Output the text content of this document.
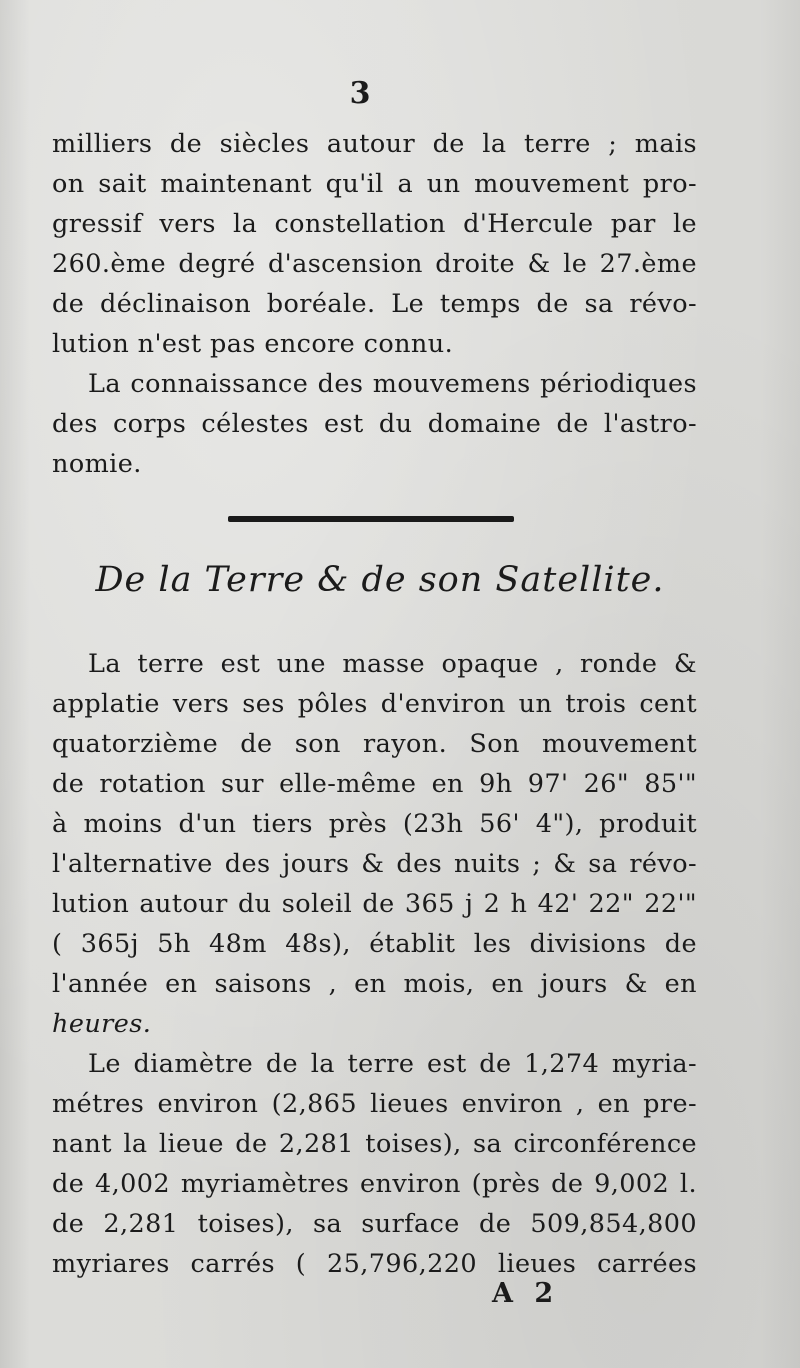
3
milliers de siècles autour de la terre ; mais
on sait maintenant qu'il a un mouvement pro-
gressif vers la constellation d'Hercule par le
260.ème degré d'ascension droite & le 27.ème
de déclinaison boréale. Le temps de sa révo-
lution n'est pas encore connu.
La connaissance des mouvemens périodiques
des corps célestes est du domaine de l'astro-
nomie.
De la Terre & de son Satellite.
La terre est une masse opaque , ronde &
applatie vers ses pôles d'environ un trois cent
quatorzième de son rayon. Son mouvement
de rotation sur elle-même en 9h 97' 26" 85'"
à moins d'un tiers près (23h 56' 4"), produit
l'alternative des jours & des nuits ; & sa révo-
lution autour du soleil de 365 j 2 h 42' 22" 22'"
( 365j 5h 48m 48s), établit les divisions de
l'année en saisons , en mois, en jours & en
heures.
Le diamètre de la terre est de 1,274 myria-
métres environ (2,865 lieues environ , en pre-
nant la lieue de 2,281 toises), sa circonférence
de 4,002 myriamètres environ (près de 9,002 l.
de 2,281 toises), sa surface de 509,854,800
myriares carrés ( 25,796,220 lieues carrées
A 2
